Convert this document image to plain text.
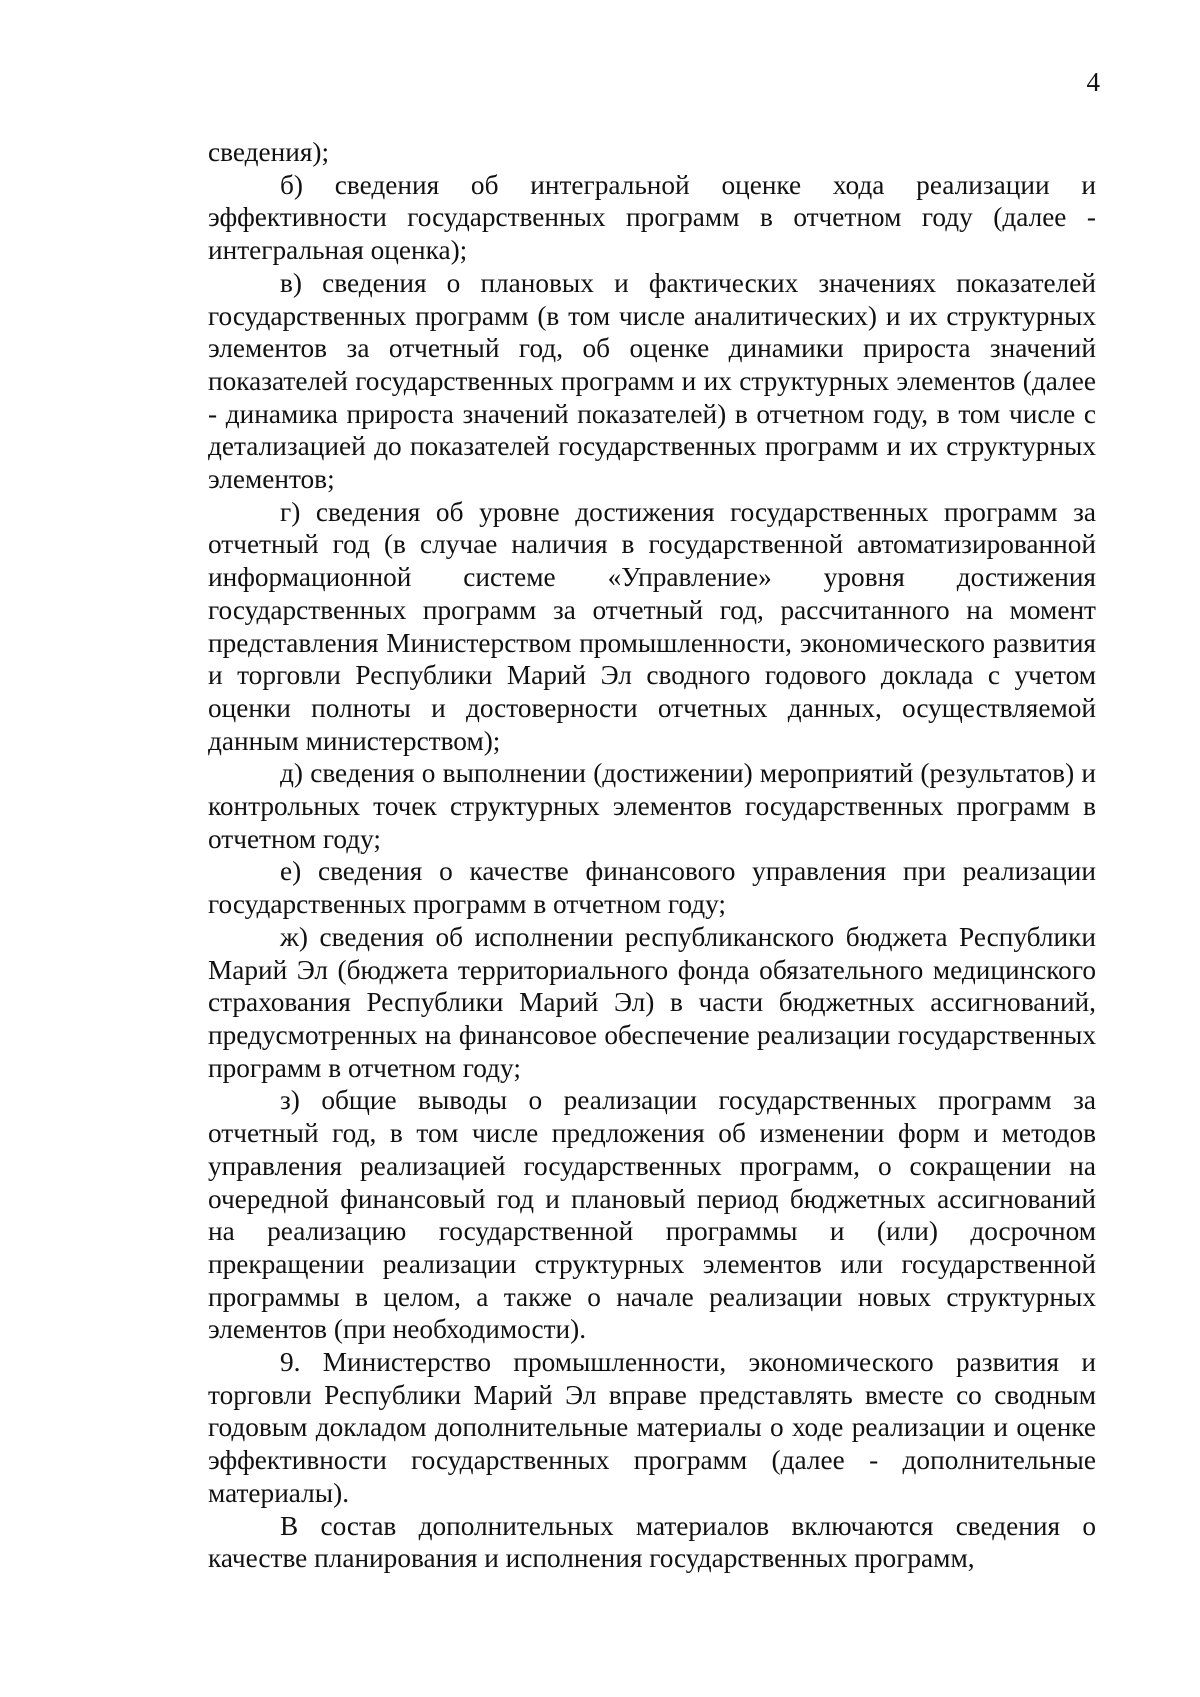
4

сведения);

б) сведения об интегральной оценке хода реализации и эффективности государственных программ в отчетном году (далее - интегральная оценка);

в) сведения о плановых и фактических значениях показателей государственных программ (в том числе аналитических) и их структурных элементов за отчетный год, об оценке динамики прироста значений показателей государственных программ и их структурных элементов (далее - динамика прироста значений показателей) в отчетном году, в том числе с детализацией до показателей государственных программ и их структурных элементов;

г) сведения об уровне достижения государственных программ за отчетный год (в случае наличия в государственной автоматизированной информационной системе «Управление» уровня достижения государственных программ за отчетный год, рассчитанного на момент представления Министерством промышленности, экономического развития и торговли Республики Марий Эл сводного годового доклада с учетом оценки полноты и достоверности отчетных данных, осуществляемой данным министерством);

д) сведения о выполнении (достижении) мероприятий (результатов) и контрольных точек структурных элементов государственных программ в отчетном году;

е) сведения о качестве финансового управления при реализации государственных программ в отчетном году;

ж) сведения об исполнении республиканского бюджета Республики Марий Эл (бюджета территориального фонда обязательного медицинского страхования Республики Марий Эл) в части бюджетных ассигнований, предусмотренных на финансовое обеспечение реализации государственных программ в отчетном году;

з) общие выводы о реализации государственных программ за отчетный год, в том числе предложения об изменении форм и методов управления реализацией государственных программ, о сокращении на очередной финансовый год и плановый период бюджетных ассигнований на реализацию государственной программы и (или) досрочном прекращении реализации структурных элементов или государственной программы в целом, а также о начале реализации новых структурных элементов (при необходимости).

9. Министерство промышленности, экономического развития и торговли Республики Марий Эл вправе представлять вместе со сводным годовым докладом дополнительные материалы о ходе реализации и оценке эффективности государственных программ (далее - дополнительные материалы).

В состав дополнительных материалов включаются сведения о качестве планирования и исполнения государственных программ,
